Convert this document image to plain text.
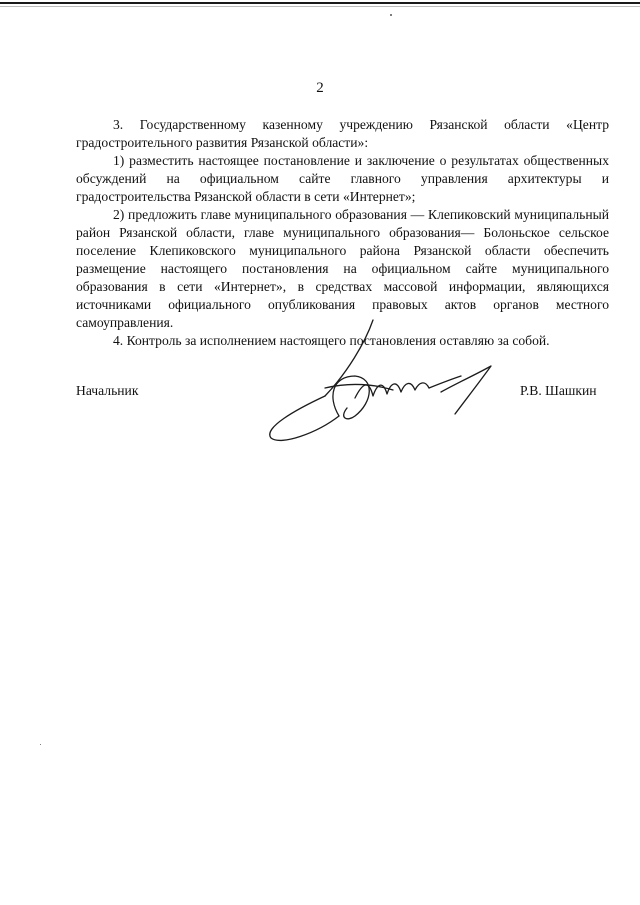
2

3. Государственному казенному учреждению Рязанской области «Центр градостроительного развития Рязанской области»:

1) разместить настоящее постановление и заключение о результатах общественных обсуждений на официальном сайте главного управления архитектуры и градостроительства Рязанской области в сети «Интернет»;

2) предложить главе муниципального образования — Клепиковский муниципальный район Рязанской области, главе муниципального образования— Болоньское сельское поселение Клепиковского муниципального района Рязанской области обеспечить размещение настоящего постановления на официальном сайте муниципального образования в сети «Интернет», в средствах массовой информации, являющихся источниками официального опубликования правовых актов органов местного самоуправления.

4. Контроль за исполнением настоящего постановления оставляю за собой.

Начальник	Р.В. Шашкин
